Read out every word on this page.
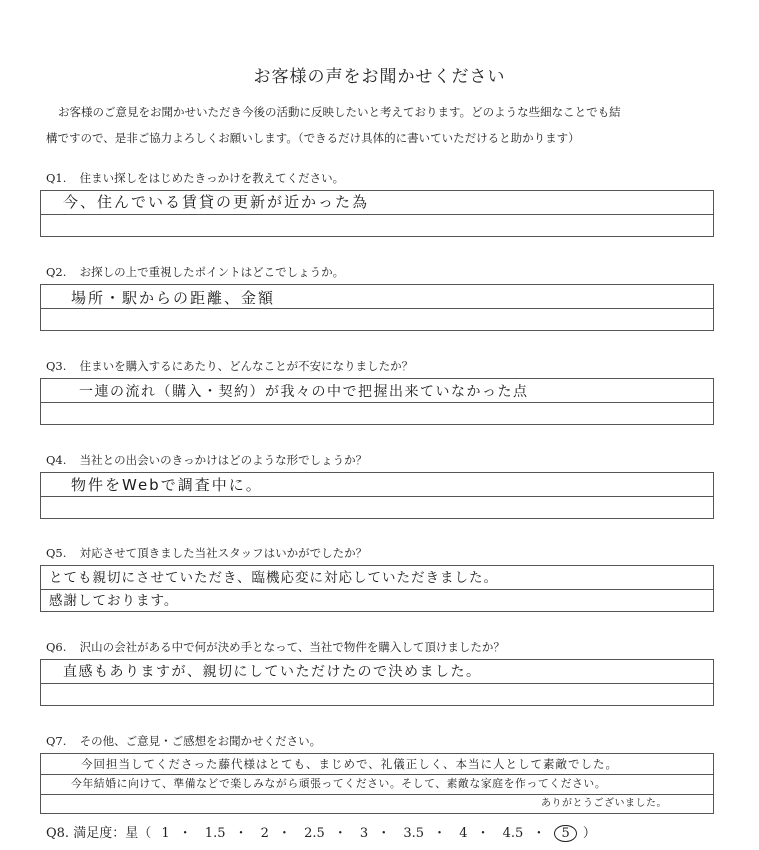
お客様の声をお聞かせください
お客様のご意見をお聞かせいただき今後の活動に反映したいと考えております。どのような些細なことでも結
構ですので、是非ご協力よろしくお願いします。（できるだけ具体的に書いていただけると助かります）
Q1. 住まい探しをはじめたきっかけを教えてください。
今、住んでいる賃貸の更新が近かった為
Q2. お探しの上で重視したポイントはどこでしょうか。
場所・駅からの距離、金額
Q3. 住まいを購入するにあたり、どんなことが不安になりましたか？
一連の流れ（購入・契約）が我々の中で把握出来ていなかった点
Q4. 当社との出会いのきっかけはどのような形でしょうか？
物件をWebで調査中に。
Q5. 対応させて頂きました当社スタッフはいかがでしたか？
とても親切にさせていただき、臨機応変に対応していただきました。
感謝しております。
Q6. 沢山の会社がある中で何が決め手となって、当社で物件を購入して頂けましたか？
直感もありますが、親切にしていただけたので決めました。
Q7. その他、ご意見・ご感想をお聞かせください。
今回担当してくださった藤代様はとても、まじめで、礼儀正しく、本当に人として素敵でした。
今年結婚に向けて、準備などで楽しみながら頑張ってください。そして、素敵な家庭を作ってください。
ありがとうございました。
Q8. 満足度：星（ 1 ・ 1.5 ・ 2 ・ 2.5 ・ 3 ・ 3.5 ・ 4 ・ 4.5 ・ 5 ）
